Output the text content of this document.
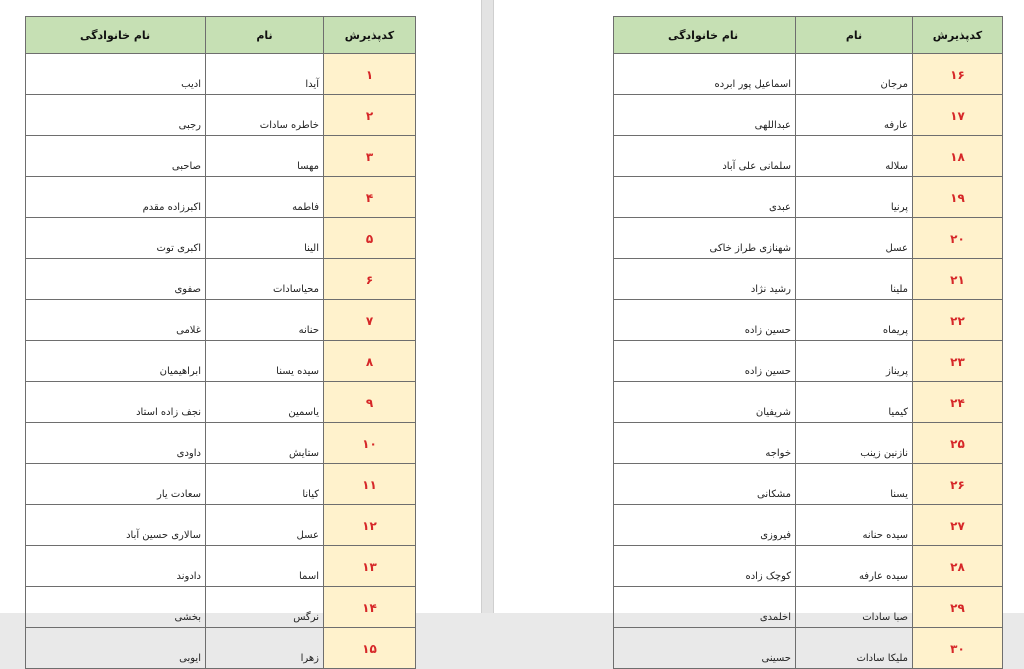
کدپذیرش	نام	نام خانوادگی
۱	آیدا	ادیب
۲	خاطره سادات	رجبی
۳	مهسا	صاحبی
۴	فاطمه	اکبرزاده مقدم
۵	الینا	اکبری توت
۶	محیاسادات	صفوی
۷	حنانه	غلامی
۸	سیده یسنا	ابراهیمیان
۹	یاسمین	نجف زاده استاد
۱۰	ستایش	داودی
۱۱	کیانا	سعادت یار
۱۲	عسل	سالاری حسین آباد
۱۳	اسما	دادوند
۱۴	نرگس	بخشی
۱۵	زهرا	ایوبی
کدپذیرش	نام	نام خانوادگی
۱۶	مرجان	اسماعیل پور ابرده
۱۷	عارفه	عبداللهی
۱۸	سلاله	سلمانی علی آباد
۱۹	پرنیا	عبدی
۲۰	عسل	شهنازی طراز خاکی
۲۱	ملینا	رشید نژاد
۲۲	پریماه	حسین زاده
۲۳	پریناز	حسین زاده
۲۴	کیمیا	شریفیان
۲۵	نازنین زینب	خواجه
۲۶	یسنا	مشکانی
۲۷	سیده حنانه	فیروزی
۲۸	سیده عارفه	کوچک زاده
۲۹	صبا سادات	اخلمدی
۳۰	ملیکا سادات	حسینی
